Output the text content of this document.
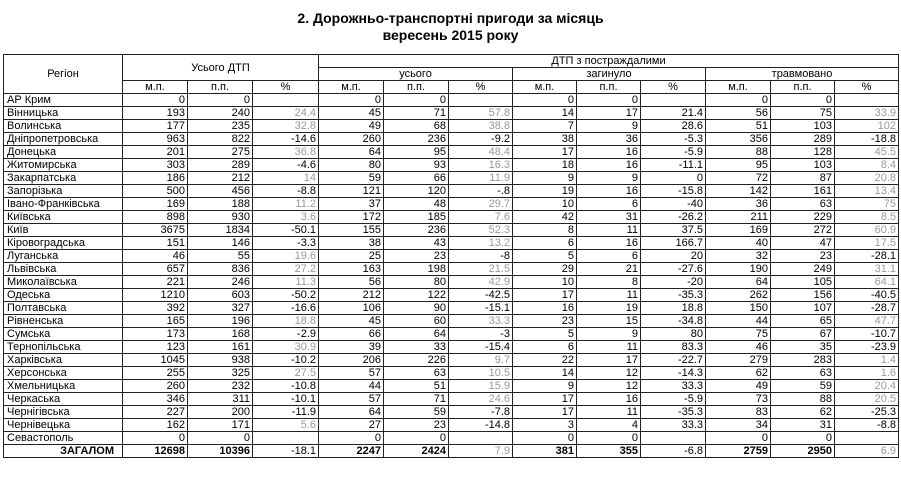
2. Дорожньо-транспортні пригоди за місяць
вересень 2015 року
Регіон	Усього ДТП			ДТП з постраждалими								
				усього			загинуло			травмовано		
	м.п.	п.п.	%	м.п.	п.п.	%	м.п.	п.п.	%	м.п.	п.п.	%
АР Крим	0	0		0	0		0	0		0	0	
Вінницька	193	240	24.4	45	71	57.8	14	17	21.4	56	75	33.9
Волинська	177	235	32.8	49	68	38.8	7	9	28.6	51	103	102
Дніпропетровська	963	822	-14.6	260	236	-9.2	38	36	-5.3	356	289	-18.8
Донецька	201	275	36.8	64	95	48.4	17	16	-5.9	88	128	45.5
Житомирська	303	289	-4.6	80	93	16.3	18	16	-11.1	95	103	8.4
Закарпатська	186	212	14	59	66	11.9	9	9	0	72	87	20.8
Запорізька	500	456	-8.8	121	120	-.8	19	16	-15.8	142	161	13.4
Івано-Франківська	169	188	11.2	37	48	29.7	10	6	-40	36	63	75
Київська	898	930	3.6	172	185	7.6	42	31	-26.2	211	229	8.5
Київ	3675	1834	-50.1	155	236	52.3	8	11	37.5	169	272	60.9
Кіровоградська	151	146	-3.3	38	43	13.2	6	16	166.7	40	47	17.5
Луганська	46	55	19.6	25	23	-8	5	6	20	32	23	-28.1
Львівська	657	836	27.2	163	198	21.5	29	21	-27.6	190	249	31.1
Миколаївська	221	246	11.3	56	80	42.9	10	8	-20	64	105	64.1
Одеська	1210	603	-50.2	212	122	-42.5	17	11	-35.3	262	156	-40.5
Полтавська	392	327	-16.6	106	90	-15.1	16	19	18.8	150	107	-28.7
Рівненська	165	196	18.8	45	60	33.3	23	15	-34.8	44	65	47.7
Сумська	173	168	-2.9	66	64	-3	5	9	80	75	67	-10.7
Тернопільська	123	161	30.9	39	33	-15.4	6	11	83.3	46	35	-23.9
Харківська	1045	938	-10.2	206	226	9.7	22	17	-22.7	279	283	1.4
Херсонська	255	325	27.5	57	63	10.5	14	12	-14.3	62	63	1.6
Хмельницька	260	232	-10.8	44	51	15.9	9	12	33.3	49	59	20.4
Черкаська	346	311	-10.1	57	71	24.6	17	16	-5.9	73	88	20.5
Чернігівська	227	200	-11.9	64	59	-7.8	17	11	-35.3	83	62	-25.3
Чернівецька	162	171	5.6	27	23	-14.8	3	4	33.3	34	31	-8.8
Севастополь	0	0		0	0		0	0		0	0	
ЗАГАЛОМ	12698	10396	-18.1	2247	2424	7.9	381	355	-6.8	2759	2950	6.9
